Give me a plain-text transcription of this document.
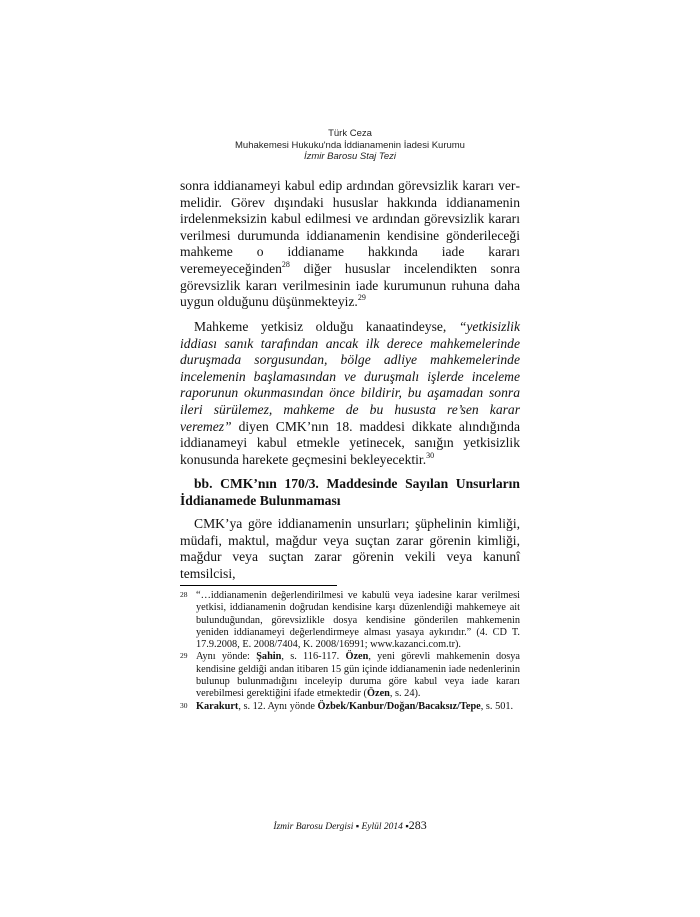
Türk Ceza
Muhakemesi Hukuku'nda İddianamenin İadesi Kurumu
İzmir Barosu Staj Tezi
sonra iddianameyi kabul edip ardından görevsizlik kararı vermelidir. Görev dışındaki hususlar hakkında iddianamenin irdelenmeksizin kabul edilmesi ve ardından görevsizlik kararı verilmesi durumunda iddianamenin kendisine gönderileceği mahkeme o iddianame hakkında iade kararı veremeyeceğinden$^{28}$ diğer hususlar incelendikten sonra görevsizlik kararı verilmesinin iade kurumunun ruhuna daha uygun olduğunu düşünmekteyiz.$^{29}$
Mahkeme yetkisiz olduğu kanaatindeyse, “yetkisizlik iddiası sanık tarafından ancak ilk derece mahkemelerinde duruşmada sorgusundan, bölge adliye mahkemelerinde incelemenin başlamasından ve duruşmalı işlerde inceleme raporunun okunmasından önce bildirir, bu aşamadan sonra ileri sürülemez, mahkeme de bu hususta re’sen karar veremez” diyen CMK’nın 18. maddesi dikkate alındığında iddianameyi kabul etmekle yetinecek, sanığın yetkisizlik konusunda harekete geçmesini bekleyecektir.$^{30}$
bb. CMK’nın 170/3. Maddesinde Sayılan Unsurların İddianamede Bulunmaması
CMK’ya göre iddianamenin unsurları; şüphelinin kimliği, müdafi, maktul, mağdur veya suçtan zarar görenin kimliği, mağdur veya suçtan zarar görenin vekili veya kanunî temsilcisi,
28 “…iddianamenin değerlendirilmesi ve kabulü veya iadesine karar verilmesi yetkisi, iddianamenin doğrudan kendisine karşı düzenlendiği mahkemeye ait bulunduğundan, görevsizlikle dosya kendisine gönderilen mahkemenin yeniden iddianameyi değerlendirmeye alması yasaya aykırıdır.” (4. CD T. 17.9.2008, E. 2008/7404, K. 2008/16991; www.kazanci.com.tr).
29 Aynı yönde: Şahin, s. 116-117. Özen, yeni görevli mahkemenin dosya kendisine geldiği andan itibaren 15 gün içinde iddianamenin iade nedenlerinin bulunup bulunmadığını inceleyip duruma göre kabul veya iade kararı verebilmesi gerektiğini ifade etmektedir (Özen, s. 24).
30 Karakurt, s. 12. Aynı yönde Özbek/Kanbur/Doğan/Bacaksız/Tepe, s. 501.
İzmir Barosu Dergisi ▪ Eylül 2014 ▪283
